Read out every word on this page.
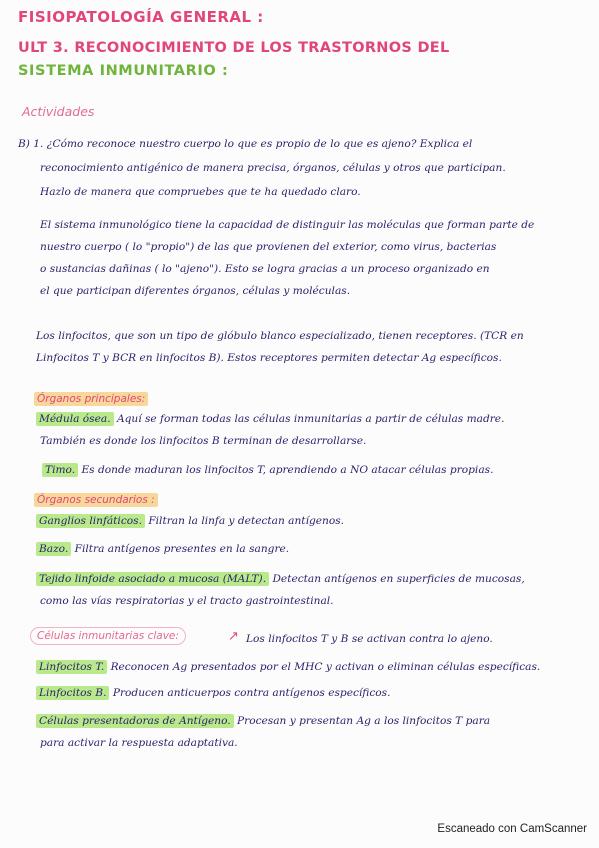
FISIOPATOLOGÍA GENERAL :
ULT 3. RECONOCIMIENTO DE LOS TRASTORNOS DEL
SISTEMA INMUNITARIO :
Actividades
B) 1. ¿Cómo reconoce nuestro cuerpo lo que es propio de lo que es ajeno? Explica el
reconocimiento antigénico de manera precisa, órganos, células y otros que participan.
Hazlo de manera que compruebes que te ha quedado claro.
El sistema inmunológico tiene la capacidad de distinguir las moléculas que forman parte de
nuestro cuerpo ( lo "propio") de las que provienen del exterior, como virus, bacterias
o sustancias dañinas ( lo "ajeno"). Esto se logra gracias a un proceso organizado en
el que participan diferentes órganos, células y moléculas.
Los linfocitos, que son un tipo de glóbulo blanco especializado, tienen receptores. (TCR en
Linfocitos T y BCR en linfocitos B). Estos receptores permiten detectar Ag específicos.
Órganos principales:
Médula ósea. Aquí se forman todas las células inmunitarias a partir de células madre.
También es donde los linfocitos B terminan de desarrollarse.
Timo. Es donde maduran los linfocitos T, aprendiendo a NO atacar células propias.
Órganos secundarios :
Ganglios linfáticos. Filtran la linfa y detectan antígenos.
Bazo. Filtra antígenos presentes en la sangre.
Tejido linfoide asociado a mucosa (MALT). Detectan antígenos en superficies de mucosas,
como las vías respiratorias y el tracto gastrointestinal.
Células inmunitarias clave:	↗ Los linfocitos T y B se activan contra lo ajeno.
Linfocitos T. Reconocen Ag presentados por el MHC y activan o eliminan células específicas.
Linfocitos B. Producen anticuerpos contra antígenos específicos.
Células presentadoras de Antígeno. Procesan y presentan Ag a los linfocitos T para
para activar la respuesta adaptativa.
Escaneado con CamScanner
